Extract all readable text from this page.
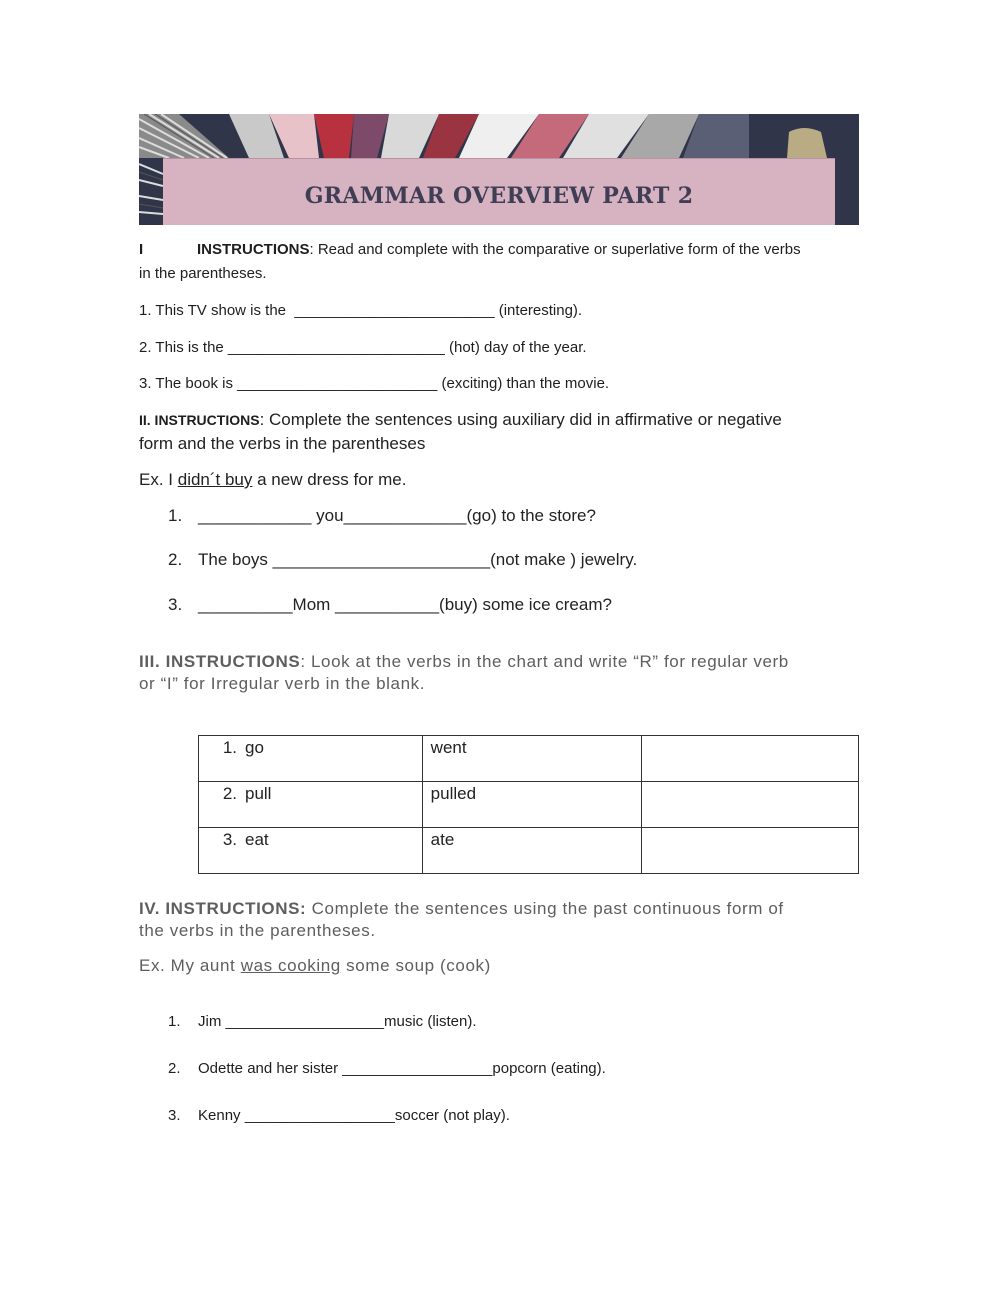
GRAMMAR OVERVIEW PART 2
I	INSTRUCTIONS: Read and complete with the comparative or superlative form of the verbs
in the parentheses.
1. This TV show is the  ________________________ (interesting).
2. This is the __________________________ (hot) day of the year.
3. The book is ________________________ (exciting) than the movie.
II. INSTRUCTIONS: Complete the sentences using auxiliary did in affirmative or negative
form and the verbs in the parentheses
Ex. I didn´t buy a new dress for me.
1. ____________ you_____________(go) to the store?
2. The boys _______________________(not make ) jewelry.
3. __________Mom ___________(buy) some ice cream?
III. INSTRUCTIONS: Look at the verbs in the chart and write “R” for regular verb
or “I” for Irregular verb in the blank.
1. go	went	
2. pull	pulled	
3. eat	ate	
IV. INSTRUCTIONS: Complete the sentences using the past continuous form of
the verbs in the parentheses.
Ex. My aunt was cooking some soup (cook)
1. Jim ___________________music (listen).
2. Odette and her sister __________________popcorn (eating).
3. Kenny __________________soccer (not play).
